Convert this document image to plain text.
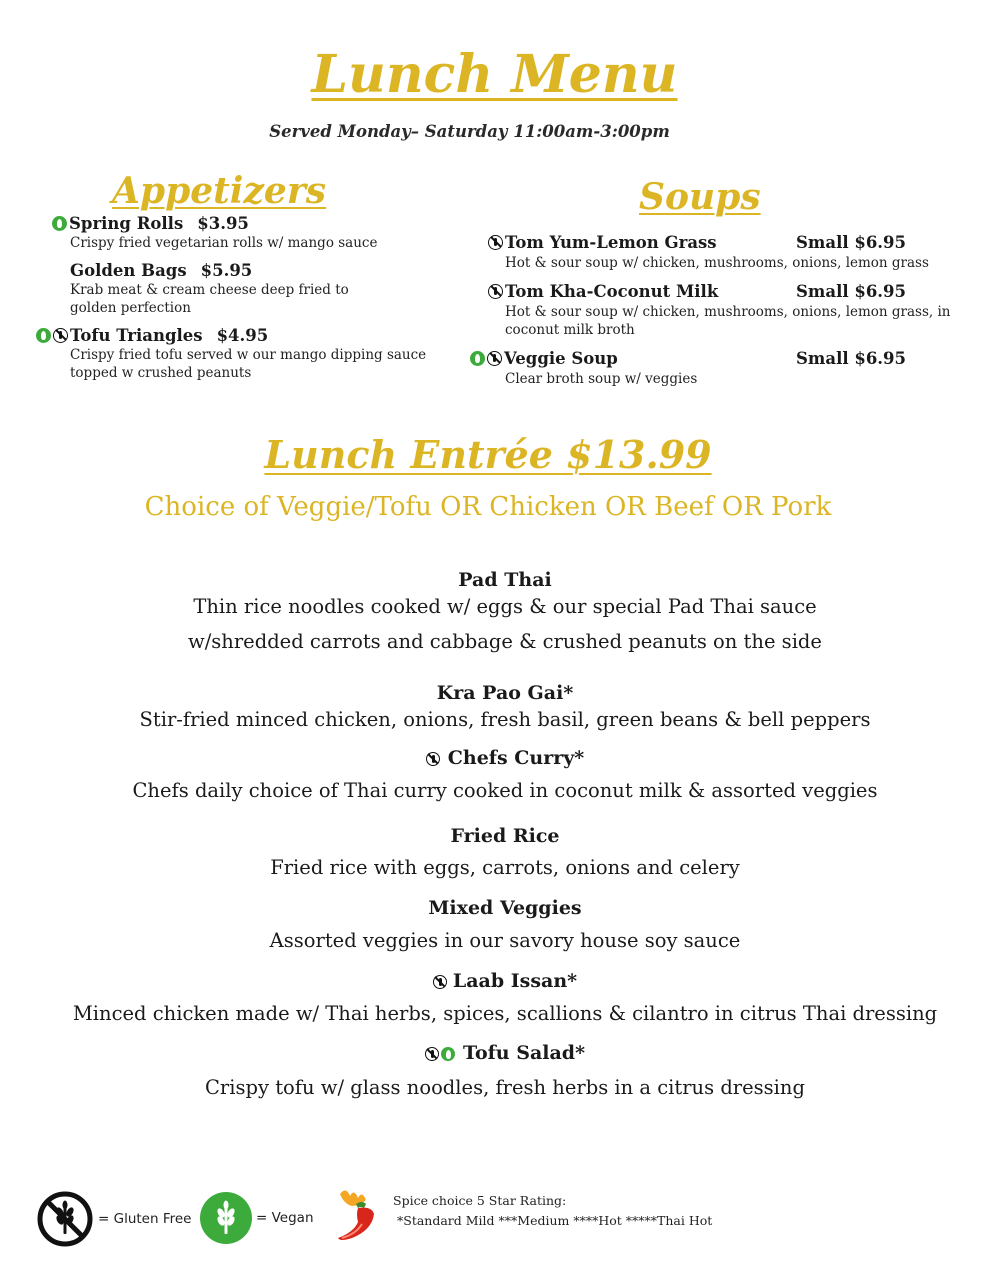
Lunch Menu
Served Monday– Saturday 11:00am-3:00pm
Appetizers
Spring Rolls $3.95
Crispy fried vegetarian rolls w/ mango sauce
Golden Bags $5.95
Krab meat & cream cheese deep fried to
golden perfection
Tofu Triangles $4.95
Crispy fried tofu served w our mango dipping sauce
topped w crushed peanuts
Soups
Tom Yum-Lemon Grass	Small $6.95
Hot & sour soup w/ chicken, mushrooms, onions, lemon grass
Tom Kha-Coconut Milk	Small $6.95
Hot & sour soup w/ chicken, mushrooms, onions, lemon grass, in
coconut milk broth
Veggie Soup	Small $6.95
Clear broth soup w/ veggies
Lunch Entrée $13.99
Choice of Veggie/Tofu OR Chicken OR Beef OR Pork
Pad Thai
Thin rice noodles cooked w/ eggs & our special Pad Thai sauce
w/shredded carrots and cabbage & crushed peanuts on the side
Kra Pao Gai*
Stir-fried minced chicken, onions, fresh basil, green beans & bell peppers
Chefs Curry*
Chefs daily choice of Thai curry cooked in coconut milk & assorted veggies
Fried Rice
Fried rice with eggs, carrots, onions and celery
Mixed Veggies
Assorted veggies in our savory house soy sauce
Laab Issan*
Minced chicken made w/ Thai herbs, spices, scallions & cilantro in citrus Thai dressing
Tofu Salad*
Crispy tofu w/ glass noodles, fresh herbs in a citrus dressing
= Gluten Free	= Vegan
Spice choice 5 Star Rating:
*Standard Mild ***Medium ****Hot *****Thai Hot
